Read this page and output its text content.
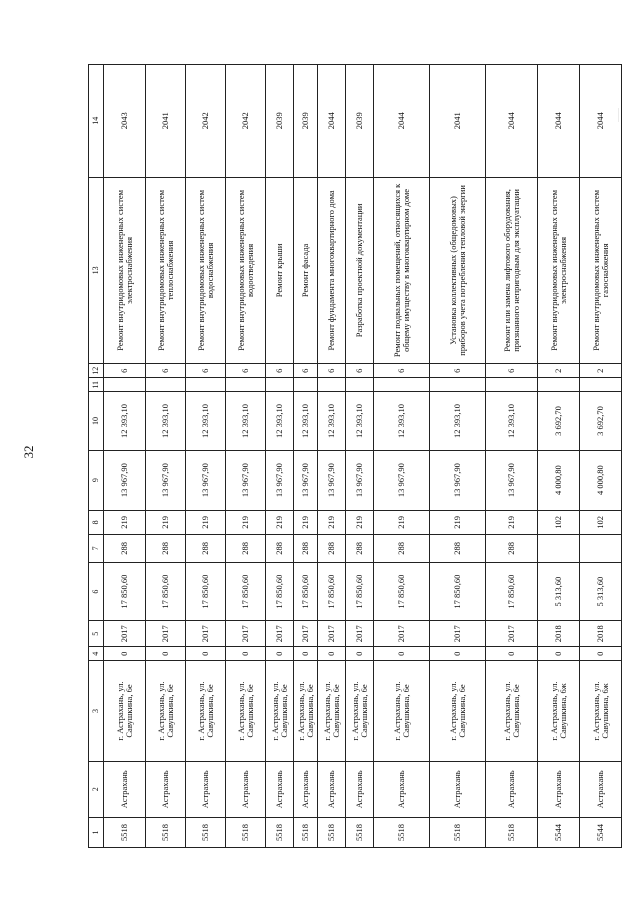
32
1	2	3	4	5	6	7	8	9	10	11	12	13	14
5518	Астрахань	г. Астрахань, ул. Савушкина, 6е	0	2017	17 850,60	288	219	13 967,90	12 393,10		6	Ремонт внутридомовых инженерных систем электроснабжения	2043
5518	Астрахань	г. Астрахань, ул. Савушкина, 6е	0	2017	17 850,60	288	219	13 967,90	12 393,10		6	Ремонт внутридомовых инженерных систем теплоснабжения	2041
5518	Астрахань	г. Астрахань, ул. Савушкина, 6е	0	2017	17 850,60	288	219	13 967,90	12 393,10		6	Ремонт внутридомовых инженерных систем водоснабжения	2042
5518	Астрахань	г. Астрахань, ул. Савушкина, 6е	0	2017	17 850,60	288	219	13 967,90	12 393,10		6	Ремонт внутридомовых инженерных систем водоотведения	2042
5518	Астрахань	г. Астрахань, ул. Савушкина, 6е	0	2017	17 850,60	288	219	13 967,90	12 393,10		6	Ремонт крыши	2039
5518	Астрахань	г. Астрахань, ул. Савушкина, 6е	0	2017	17 850,60	288	219	13 967,90	12 393,10		6	Ремонт фасада	2039
5518	Астрахань	г. Астрахань, ул. Савушкина, 6е	0	2017	17 850,60	288	219	13 967,90	12 393,10		6	Ремонт фундамента многоквартирного дома	2044
5518	Астрахань	г. Астрахань, ул. Савушкина, 6е	0	2017	17 850,60	288	219	13 967,90	12 393,10		6	Разработка проектной документации	2039
5518	Астрахань	г. Астрахань, ул. Савушкина, 6е	0	2017	17 850,60	288	219	13 967,90	12 393,10		6	Ремонт подвальных помещений, относящихся к общему имуществу в многоквартирном доме	2044
5518	Астрахань	г. Астрахань, ул. Савушкина, 6е	0	2017	17 850,60	288	219	13 967,90	12 393,10		6	Установка коллективных (общедомовых) приборов учета потребления тепловой энергии	2041
5518	Астрахань	г. Астрахань, ул. Савушкина, 6е	0	2017	17 850,60	288	219	13 967,90	12 393,10		6	Ремонт или замена лифтового оборудования, признанного непригодным для эксплуатации	2044
5544	Астрахань	г. Астрахань, ул. Савушкина, 6ж	0	2018	5 313,60		102	4 000,80	3 692,70		2	Ремонт внутридомовых инженерных систем электроснабжения	2044
5544	Астрахань	г. Астрахань, ул. Савушкина, 6ж	0	2018	5 313,60		102	4 000,80	3 692,70		2	Ремонт внутридомовых инженерных систем газоснабжения	2044
